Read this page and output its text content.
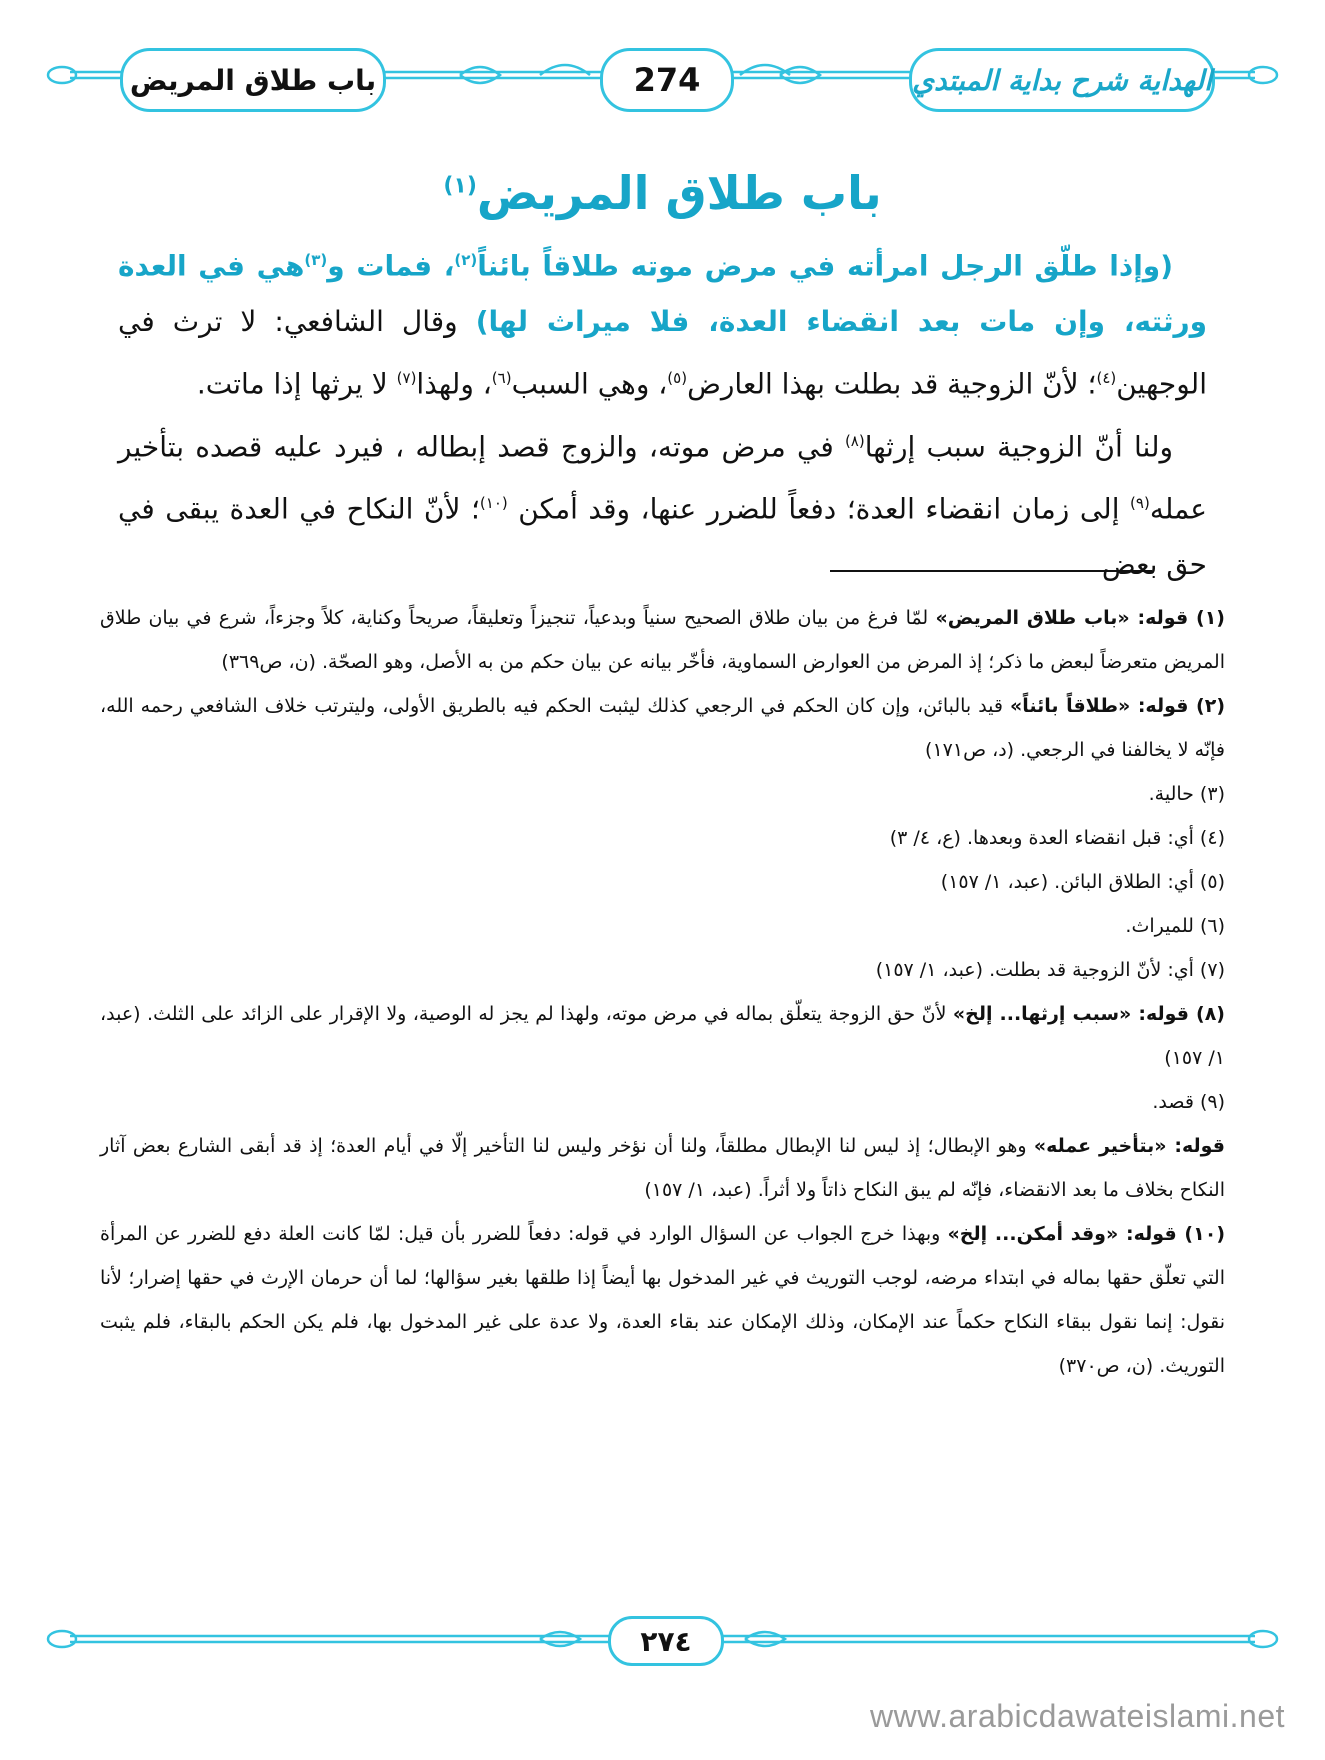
الهداية شرح بداية المبتدي
274
باب طلاق المريض
باب طلاق المريض$^{(١)}$

(وإذا طلّق الرجل امرأته في مرض موته طلاقاً بائناً$^{(٢)}$، فمات و$^{(٣)}$هي في العدة ورثته، وإن مات بعد انقضاء العدة، فلا ميراث لها) وقال الشافعي: لا ترث في الوجهين$^{(٤)}$؛ لأنّ الزوجية قد بطلت بهذا العارض$^{(٥)}$، وهي السبب$^{(٦)}$، ولهذا$^{(٧)}$ لا يرثها إذا ماتت.

ولنا أنّ الزوجية سبب إرثها$^{(٨)}$ في مرض موته، والزوج قصد إبطاله ، فيرد عليه قصده بتأخير عمله$^{(٩)}$ إلى زمان انقضاء العدة؛ دفعاً للضرر عنها، وقد أمكن $^{(١٠)}$؛ لأنّ النكاح في العدة يبقى في حق بعض

(١) قوله: «باب طلاق المريض» لمّا فرغ من بيان طلاق الصحيح سنياً وبدعياً، تنجيزاً وتعليقاً، صريحاً وكناية، كلاً وجزءاً، شرع في بيان طلاق المريض متعرضاً لبعض ما ذكر؛ إذ المرض من العوارض السماوية، فأخّر بيانه عن بيان حكم من به الأصل، وهو الصحّة. (ن، ص٣٦٩)
(٢) قوله: «طلاقاً بائناً» قيد بالبائن، وإن كان الحكم في الرجعي كذلك ليثبت الحكم فيه بالطريق الأولى، وليترتب خلاف الشافعي رحمه الله، فإنّه لا يخالفنا في الرجعي. (د، ص١٧١)
(٣) حالية.
(٤) أي: قبل انقضاء العدة وبعدها. (ع، ٤/ ٣)
(٥) أي: الطلاق البائن. (عبد، ١/ ١٥٧)
(٦) للميراث.
(٧) أي: لأنّ الزوجية قد بطلت. (عبد، ١/ ١٥٧)
(٨) قوله: «سبب إرثها... إلخ» لأنّ حق الزوجة يتعلّق بماله في مرض موته، ولهذا لم يجز له الوصية، ولا الإقرار على الزائد على الثلث. (عبد، ١/ ١٥٧)
(٩) قصد.
قوله: «بتأخير عمله» وهو الإبطال؛ إذ ليس لنا الإبطال مطلقاً، ولنا أن نؤخر وليس لنا التأخير إلّا في أيام العدة؛ إذ قد أبقى الشارع بعض آثار النكاح بخلاف ما بعد الانقضاء، فإنّه لم يبق النكاح ذاتاً ولا أثراً. (عبد، ١/ ١٥٧)
(١٠) قوله: «وقد أمكن... إلخ» وبهذا خرج الجواب عن السؤال الوارد في قوله: دفعاً للضرر بأن قيل: لمّا كانت العلة دفع للضرر عن المرأة التي تعلّق حقها بماله في ابتداء مرضه، لوجب التوريث في غير المدخول بها أيضاً إذا طلقها بغير سؤالها؛ لما أن حرمان الإرث في حقها إضرار؛ لأنا نقول: إنما نقول ببقاء النكاح حكماً عند الإمكان، وذلك الإمكان عند بقاء العدة، ولا عدة على غير المدخول بها، فلم يكن الحكم بالبقاء، فلم يثبت التوريث. (ن، ص٣٧٠)
٢٧٤
www.arabicdawateislami.net
